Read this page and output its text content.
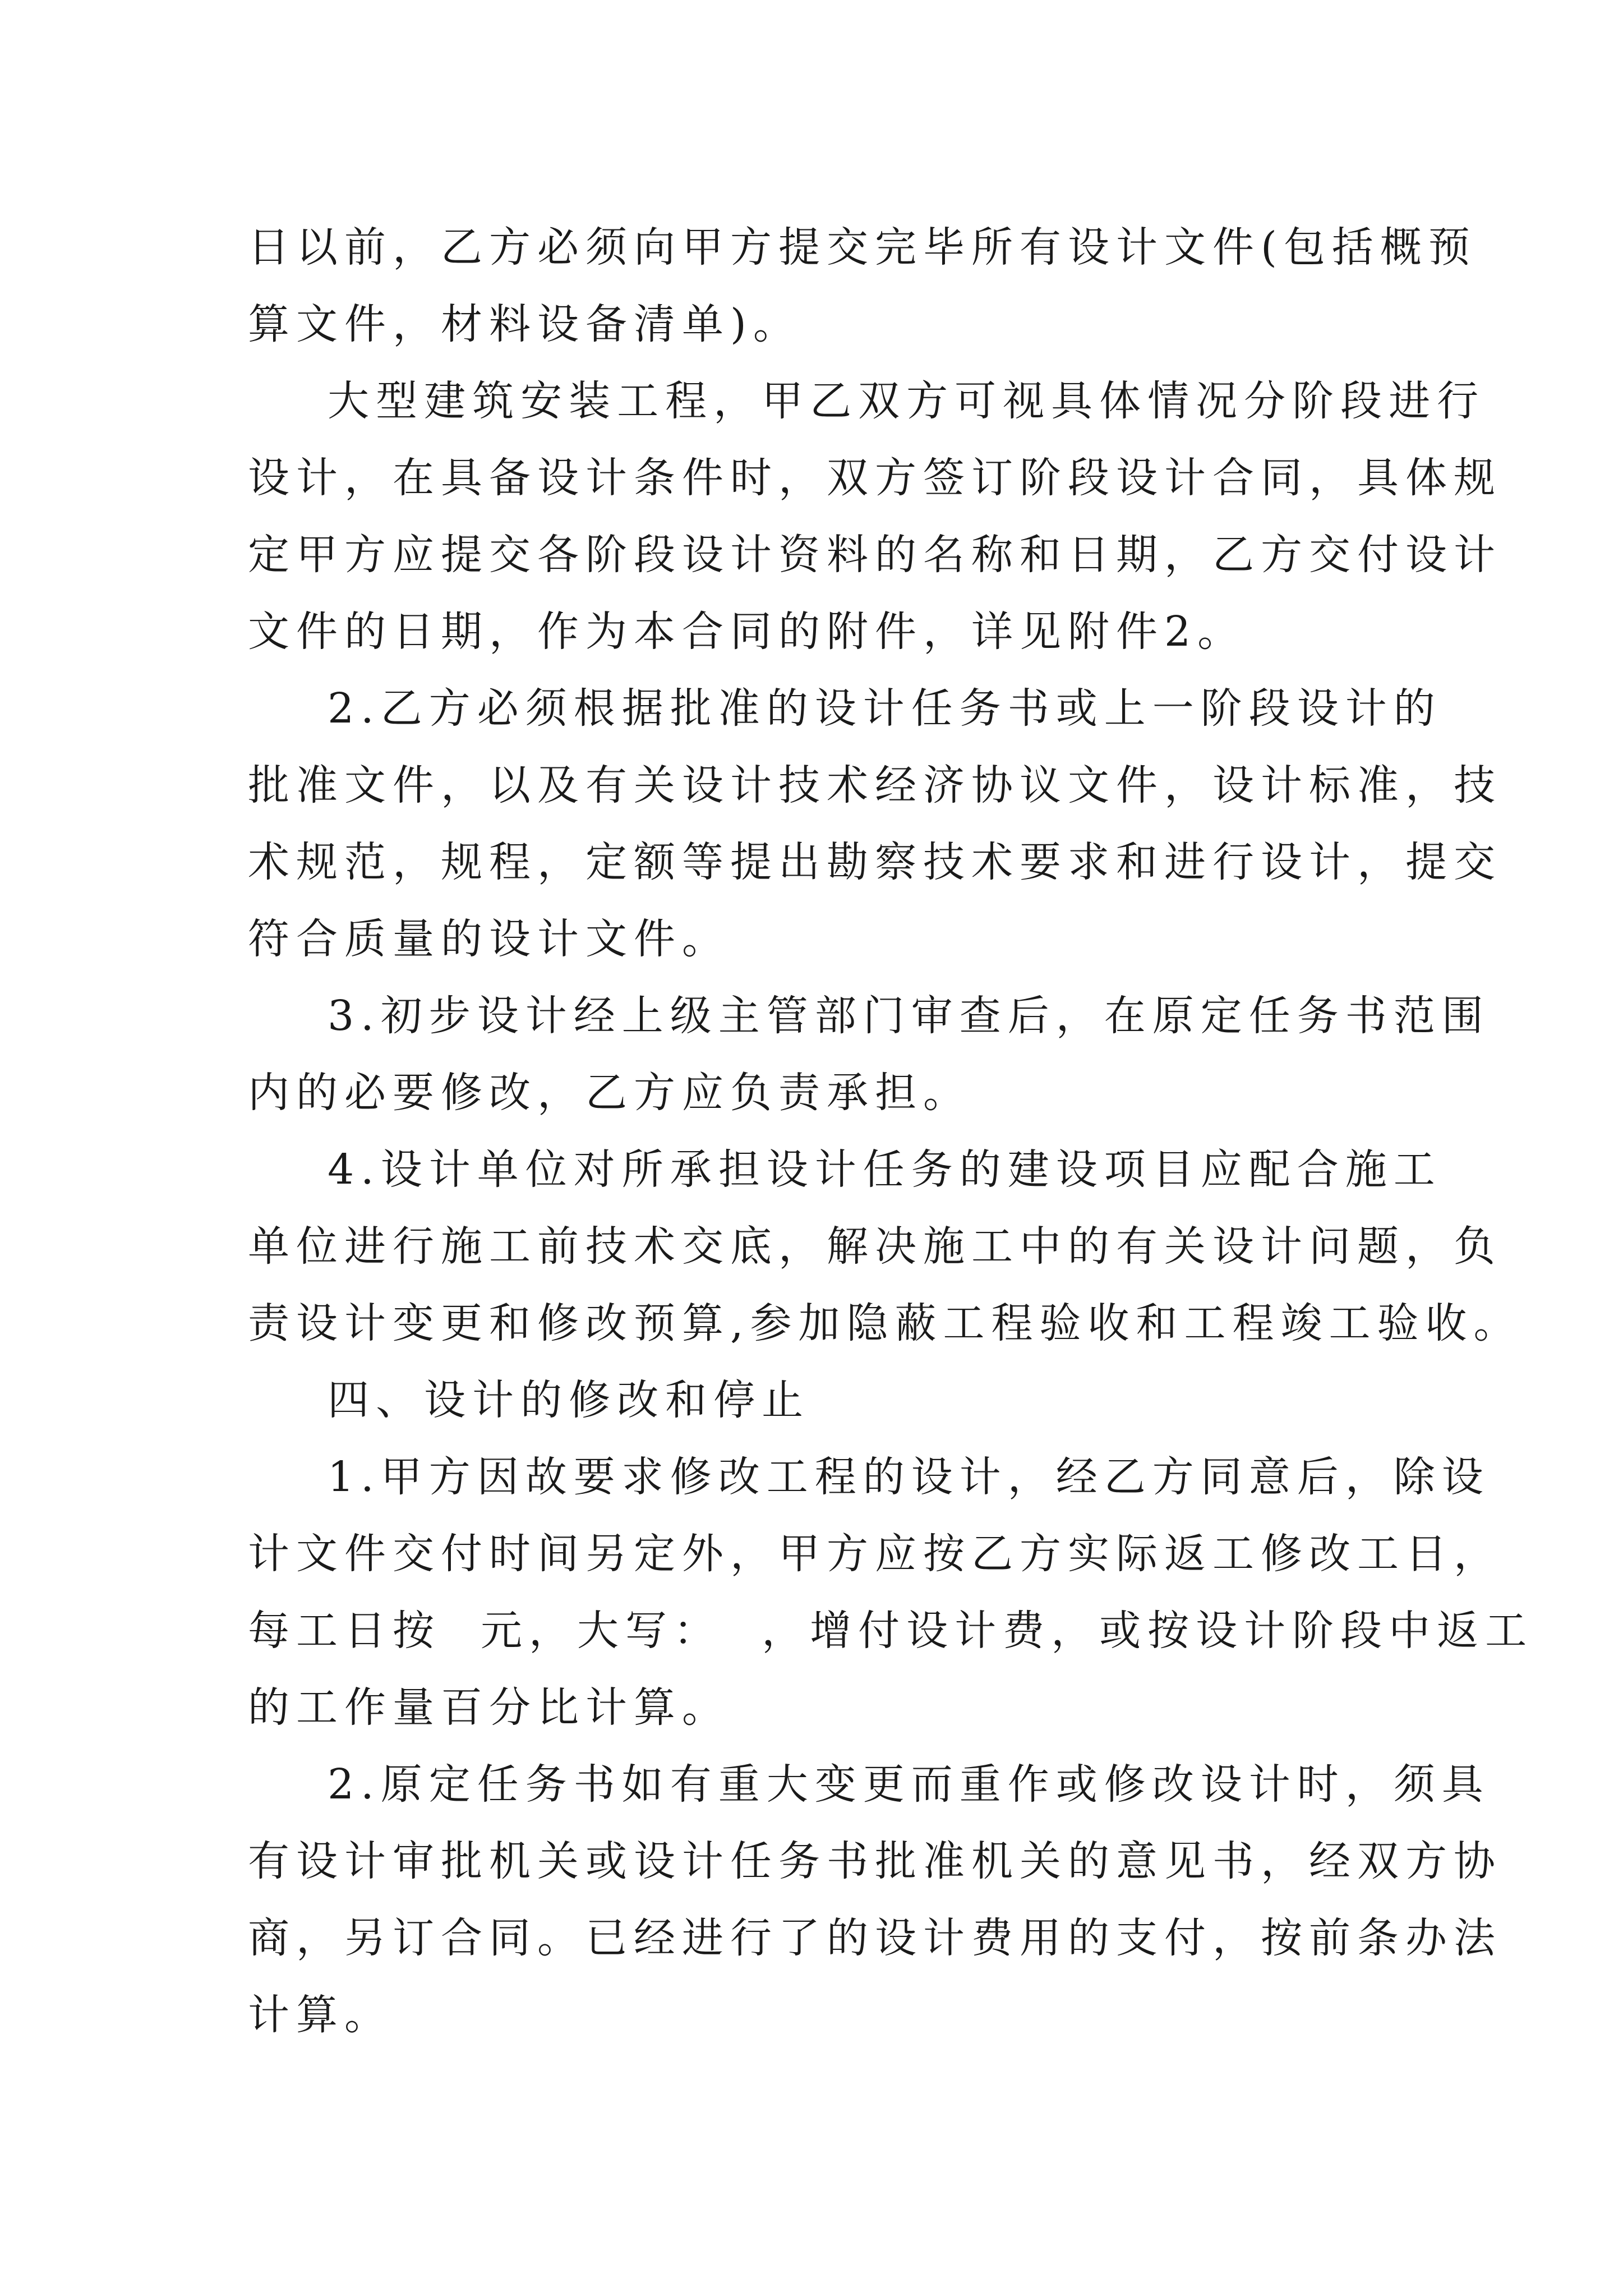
日以前，乙方必须向甲方提交完毕所有设计文件(包括概预
算文件，材料设备清单)。
大型建筑安装工程，甲乙双方可视具体情况分阶段进行
设计，在具备设计条件时，双方签订阶段设计合同，具体规
定甲方应提交各阶段设计资料的名称和日期，乙方交付设计
文件的日期，作为本合同的附件，详见附件2。
2.乙方必须根据批准的设计任务书或上一阶段设计的
批准文件，以及有关设计技术经济协议文件，设计标准，技
术规范，规程，定额等提出勘察技术要求和进行设计，提交
符合质量的设计文件。
3.初步设计经上级主管部门审查后，在原定任务书范围
内的必要修改，乙方应负责承担。
4.设计单位对所承担设计任务的建设项目应配合施工
单位进行施工前技术交底，解决施工中的有关设计问题，负
责设计变更和修改预算,参加隐蔽工程验收和工程竣工验收。
四、设计的修改和停止
1.甲方因故要求修改工程的设计，经乙方同意后，除设
计文件交付时间另定外，甲方应按乙方实际返工修改工日，
每工日按  元，大写：  ，增付设计费，或按设计阶段中返工
的工作量百分比计算。
2.原定任务书如有重大变更而重作或修改设计时，须具
有设计审批机关或设计任务书批准机关的意见书，经双方协
商，另订合同。已经进行了的设计费用的支付，按前条办法
计算。
